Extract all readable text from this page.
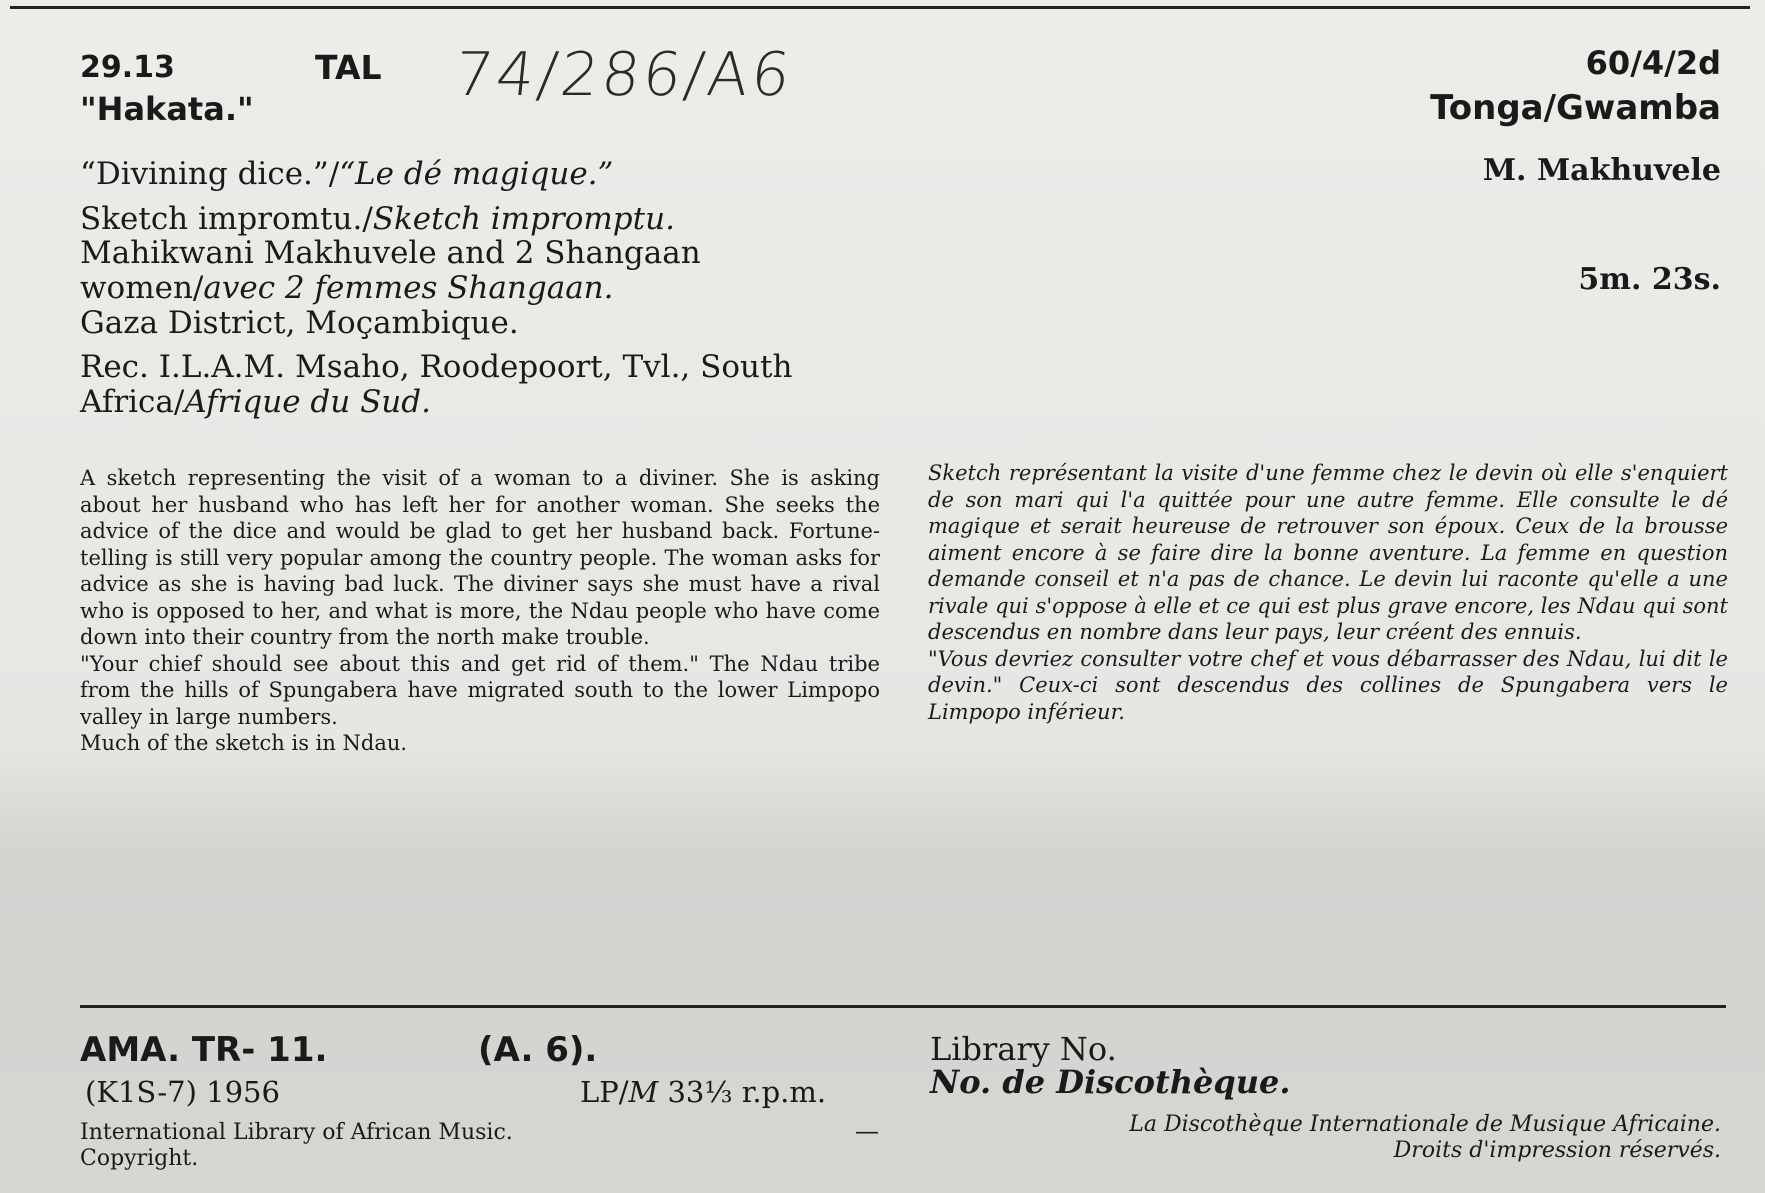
29.13	TAL 74/286/A6
"Hakata."
60/4/2d
Tonga/Gwamba
M. Makhuvele
5m. 23s.
“Divining dice.”/“Le dé magique.”
Sketch impromtu./Sketch impromptu.
Mahikwani Makhuvele and 2 Shangaan
women/avec 2 femmes Shangaan.
Gaza District, Moçambique.
Rec. I.L.A.M. Msaho, Roodepoort, Tvl., South
Africa/Afrique du Sud.

A sketch representing the visit of a woman to a diviner. She is asking about her husband who has left her for another woman. She seeks the advice of the dice and would be glad to get her husband back. Fortune-telling is still very popular among the country people. The woman asks for advice as she is having bad luck. The diviner says she must have a rival who is opposed to her, and what is more, the Ndau people who have come down into their country from the north make trouble.

"Your chief should see about this and get rid of them." The Ndau tribe from the hills of Spungabera have migrated south to the lower Limpopo valley in large numbers.

Much of the sketch is in Ndau.

Sketch représentant la visite d'une femme chez le devin où elle s'enquiert de son mari qui l'a quittée pour une autre femme. Elle consulte le dé magique et serait heureuse de retrouver son époux. Ceux de la brousse aiment encore à se faire dire la bonne aventure. La femme en question demande conseil et n'a pas de chance. Le devin lui raconte qu'elle a une rivale qui s'oppose à elle et ce qui est plus grave encore, les Ndau qui sont descendus en nombre dans leur pays, leur créent des ennuis.

"Vous devriez consulter votre chef et vous débarrasser des Ndau, lui dit le devin." Ceux-ci sont descendus des collines de Spungabera vers le Limpopo inférieur.

AMA. TR- 11.	(A. 6).
(K1S-7) 1956	LP/M 33⅓ r.p.m.
Library No.
No. de Discothèque.
International Library of African Music.
Copyright.
—	La Discothèque Internationale de Musique Africaine.
Droits d'impression réservés.
